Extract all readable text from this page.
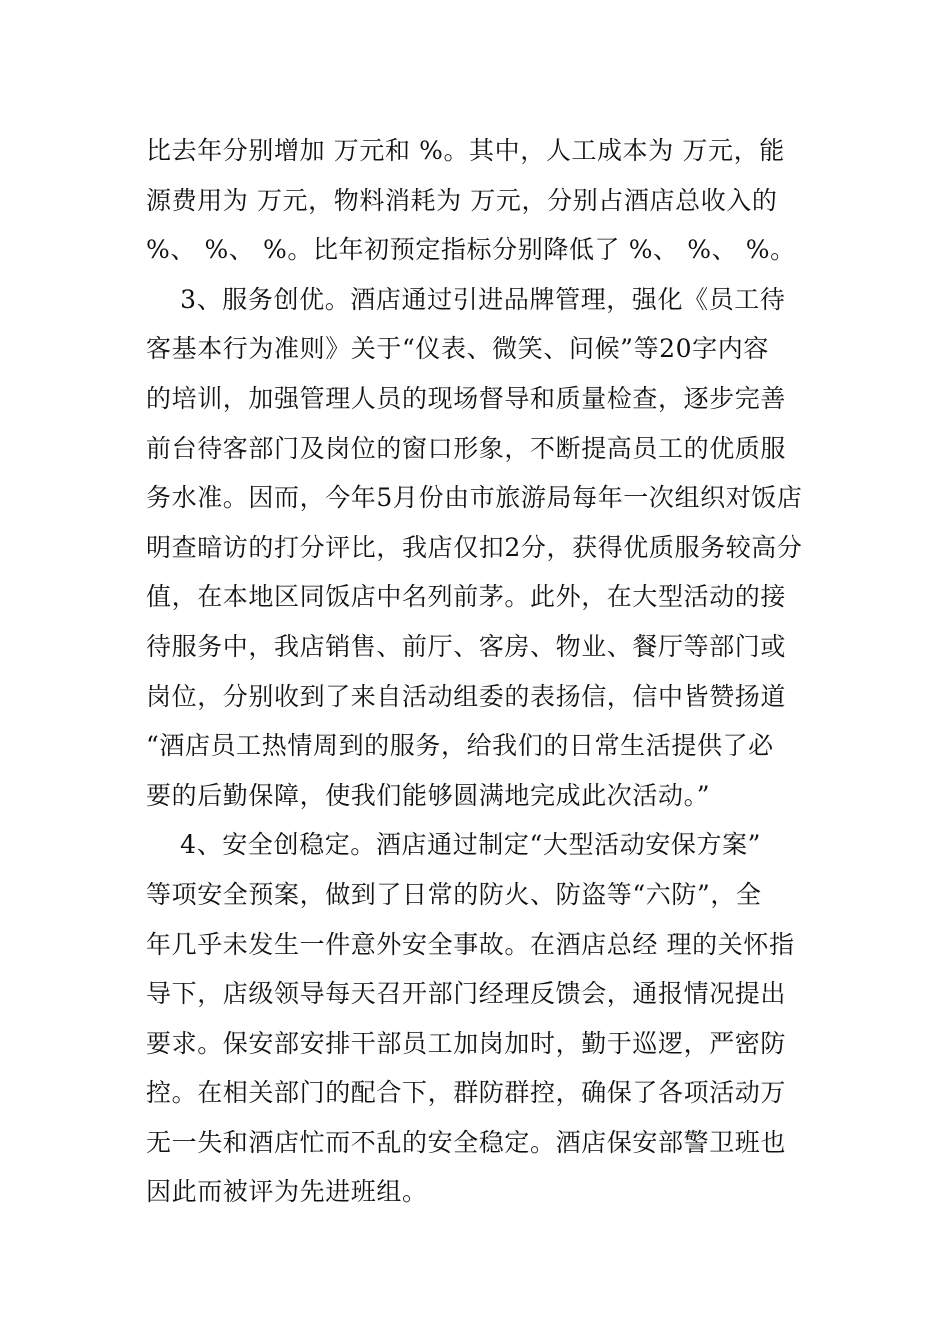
比去年分别增加 万元和 %。其中，人工成本为 万元，能
源费用为 万元，物料消耗为 万元，分别占酒店总收入的
%、 %、 %。比年初预定指标分别降低了 %、 %、 %。
3、服务创优。酒店通过引进品牌管理，强化《员工待
客基本行为准则》关于“仪表、微笑、问候”等20字内容
的培训，加强管理人员的现场督导和质量检查，逐步完善
前台待客部门及岗位的窗口形象，不断提高员工的优质服
务水准。因而，今年5月份由市旅游局每年一次组织对饭店
明查暗访的打分评比，我店仅扣2分，获得优质服务较高分
值，在本地区同饭店中名列前茅。此外，在大型活动的接
待服务中，我店销售、前厅、客房、物业、餐厅等部门或
岗位，分别收到了来自活动组委的表扬信，信中皆赞扬道
“酒店员工热情周到的服务，给我们的日常生活提供了必
要的后勤保障，使我们能够圆满地完成此次活动。”
4、安全创稳定。酒店通过制定“大型活动安保方案”
等项安全预案，做到了日常的防火、防盗等“六防”，全
年几乎未发生一件意外安全事故。在酒店总经 理的关怀指
导下，店级领导每天召开部门经理反馈会，通报情况提出
要求。保安部安排干部员工加岗加时，勤于巡逻，严密防
控。在相关部门的配合下，群防群控，确保了各项活动万
无一失和酒店忙而不乱的安全稳定。酒店保安部警卫班也
因此而被评为先进班组。
